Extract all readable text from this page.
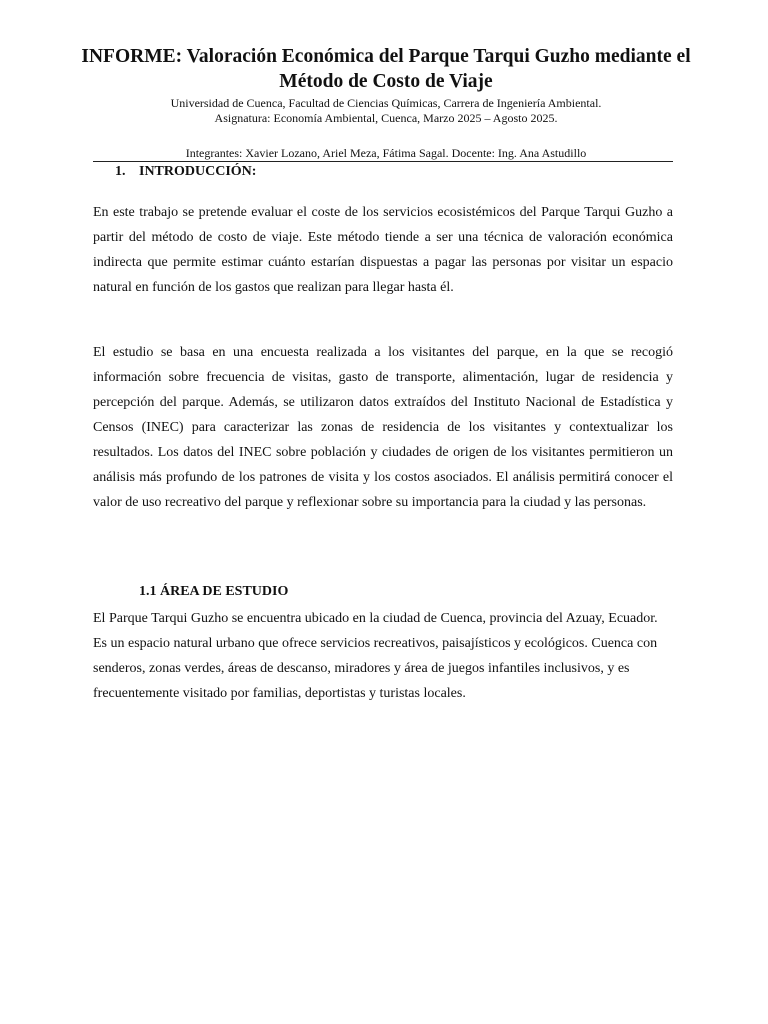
INFORME: Valoración Económica del Parque Tarqui Guzho mediante el Método de Costo de Viaje

Universidad de Cuenca, Facultad de Ciencias Químicas, Carrera de Ingeniería Ambiental.

Asignatura: Economía Ambiental, Cuenca, Marzo 2025 – Agosto 2025.

Integrantes: Xavier Lozano, Ariel Meza, Fátima Sagal. Docente: Ing. Ana Astudillo

1. INTRODUCCIÓN:

En este trabajo se pretende evaluar el coste de los servicios ecosistémicos del Parque Tarqui Guzho a partir del método de costo de viaje. Este método tiende a ser una técnica de valoración económica indirecta que permite estimar cuánto estarían dispuestas a pagar las personas por visitar un espacio natural en función de los gastos que realizan para llegar hasta él.

El estudio se basa en una encuesta realizada a los visitantes del parque, en la que se recogió información sobre frecuencia de visitas, gasto de transporte, alimentación, lugar de residencia y percepción del parque. Además, se utilizaron datos extraídos del Instituto Nacional de Estadística y Censos (INEC) para caracterizar las zonas de residencia de los visitantes y contextualizar los resultados. Los datos del INEC sobre población y ciudades de origen de los visitantes permitieron un análisis más profundo de los patrones de visita y los costos asociados. El análisis permitirá conocer el valor de uso recreativo del parque y reflexionar sobre su importancia para la ciudad y las personas.

1.1 ÁREA DE ESTUDIO

El Parque Tarqui Guzho se encuentra ubicado en la ciudad de Cuenca, provincia del Azuay, Ecuador. Es un espacio natural urbano que ofrece servicios recreativos, paisajísticos y ecológicos. Cuenca con senderos, zonas verdes, áreas de descanso, miradores y área de juegos infantiles inclusivos, y es frecuentemente visitado por familias, deportistas y turistas locales.
